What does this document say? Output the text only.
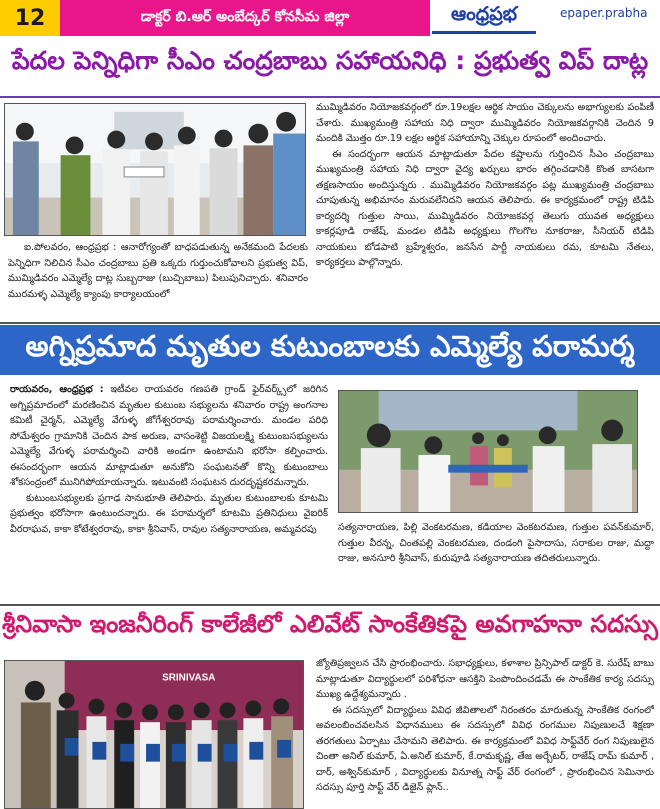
12	డాక్టర్ బి.ఆర్ అంబేద్కర్ కోనసీమ జిల్లా	ఆంధ్రప్రభ	epaper.prabha
పేదల పెన్నిధిగా సీఎం చంద్రబాబు సహాయనిధి : ప్రభుత్వ విప్ దాట్ల

ఐ.పోలవరం, ఆంధ్రప్రభ : ఆనారోగ్యంతో బాధపడుతున్న అనేకమంది పేదలకు పెన్నిధిగా నిలిచిన సీఎం చంద్రబాబు ప్రతి ఒక్కరు గుర్తుంచుకోవాలని ప్రభుత్వ విప్, ముమ్మిడివరం ఎమ్మెల్యే దాట్ల సుబ్బరాజు (బుచ్చిబాబు) పిలుపునిచ్చారు. శనివారం మురమళ్ళ ఎమ్మెల్యే క్యాంపు కార్యాలయంలో

ముమ్మిడివరం నియోజకవర్గంలో రూ.19లక్షల ఆర్థిక సాయం చెక్కులను అభాగ్యులకు పంపిణీ చేశారు. ముఖ్యమంత్రి సహాయ నిధి ద్వారా ముమ్మిడివరం నియోజకవర్గానికి చెందిన 9 మందికి మొత్తం రూ.19 లక్షల ఆర్థిక సహాయాన్ని చెక్కుల రూపంలో అందించారు.

ఈ సందర్భంగా ఆయన మాట్లాడుతూ పేదల కష్టాలను గుర్తించిన సీఎం చంద్రబాబు ముఖ్యమంత్రి సహాయ నిధి ద్వారా వైద్య ఖర్చులు భారం తగ్గించడానికి కొంత బాసటగా తక్షణసాయం అందిస్తున్నరు . ముమ్మిడివరం నియోజకవర్గం పట్ల ముఖ్యమంత్రి చంద్రబాబు చూపుతున్న అభిమానం మరువలేనిదని ఆయన తెలిపారు. ఈ కార్యక్రమంలో రాష్ట్ర టిడిపి కార్యదర్శి గుత్తుల సాయి, ముమ్మిడివరం నియోజకవర్గ తెలుగు యువత అధ్యక్షులు కాకర్లపూడి రాజేష్, మండల టిడిపి అధ్యక్షులు గొలగొల నూకరాజు, సీనియర్ టిడిపి నాయకులు బోడపాటి బ్రహ్మేశ్వరం, జనసేన పార్టీ నాయకులు రమ, కూటమి నేతలు, కార్యకర్తలు పాల్గొన్నారు.

అగ్నిప్రమాద మృతుల కుటుంబాలకు ఎమ్మెల్యే పరామర్శ

రాయవరం, ఆంధ్రప్రభ : ఇటీవల రాయవరం గణపతి గ్రాండ్ ఫైర్‌వర్క్స్‌లో జరిగిన అగ్నిప్రమాదంలో మరణించిన మృతుల కుటుంబ సభ్యులను శనివారం రాష్ట్ర అంగనాల కమిటీ చైర్మన్, ఎమ్మెల్యే వేగుళ్ళ జోగేశ్వరరావు పరామర్శించారు. మండల పరిధి సోమేశ్వరం గ్రామానికి చెందిన పాక అరుణ, వాసంశెట్టి విజయలక్ష్మి కుటుంబసభ్యులను ఎమ్మెల్యే వేగుళ్ళ పరామర్శించి వారికి అండగా ఉంటామని భరోసా కల్పించారు. ఈసందర్భంగా ఆయన మాట్లాడుతూ అనుకోని సంఘటనతో కొన్ని కుటుంబాలు శోకసంద్రంలో మునిగిపోయాయన్నారు. ఇటువంటి సంఘటన దురదృష్టకరమన్నారు.

కుటుంబసభ్యులకు ప్రగాఢ సానుభూతి తెలిపారు. మృతుల కుటుంబాలకు కూటమి ప్రభుత్వం భరోసాగా ఉంటుందన్నారు. ఈ పరామర్శలో కూటమి ప్రతినిధులు వైఐరిక్ వీరరాఘవ, కాకా కోటేశ్వరరావు, కాకా శ్రీనివాస్, రావుల సత్యనారాయణ, అమ్మవరపు	సత్యనారాయణ, పిల్లి వెంకటరమణ, కడియాల వెంకటరమణ, గుత్తుల పవన్‌కుమార్, గుత్తుల వీరన్న, చింతపల్లి వెంకటరమణ, దండంగి పైసాదాసు, సరాకుల రాజు, మద్దా రాజు, అనసూరి శ్రీనివాస్, కురుపూడి సత్యనారాయణ తదితరులున్నారు.

శ్రీనివాసా ఇంజనీరింగ్ కాలేజీలో ఎలివేట్ సాంకేతికపై అవగాహనా సదస్సు
SRINIVASA

జ్యోతిప్రజ్వలన చేసి ప్రారంభించారు. సభాధ్యక్షులు, కళాశాల ప్రిన్సిపాల్ డాక్టర్ కె. సురేష్ బాబు మాట్లాడుతూ విద్యార్థులలో పరిశోధనా ఆసక్తిని పెంపొందించడమే ఈ సాంకేతిక కార్య సదస్సు ముఖ్య ఉద్దేశ్యమన్నారు .

ఈ సదస్సులో విద్యార్థులు వివిధ జీవితాలలో నిరంతరం మారుతున్న సాంకేతిక రంగంలో అవలంబించవలసిన విధానములు ఈ సదస్సులో వివిధ రంగముల నిపుణులచే శిక్షణా తరగతులు ఏర్పాటు చేసామని తెలిపారు. ఈ కార్యక్రమంలో వివిధ సాఫ్ట్‌వేర్ రంగ నిపుణులైన చింతా అనిల్ కుమార్, ఏ.అనిల్ కుమార్, కే.రామకృష్ణ, తేజ అర్బేటర్, రాజేష్ రామ్ కుమార్ , దార్, అశ్విన్‌కుమార్ , విద్యార్థులకు వినూత్న సాఫ్ట్ వేర్ రంగంలో , ప్రారంభించిన సెమినారు సదస్సు పూర్తి సాఫ్ట్ వేర్ డిజైన్ ప్లాన్..
